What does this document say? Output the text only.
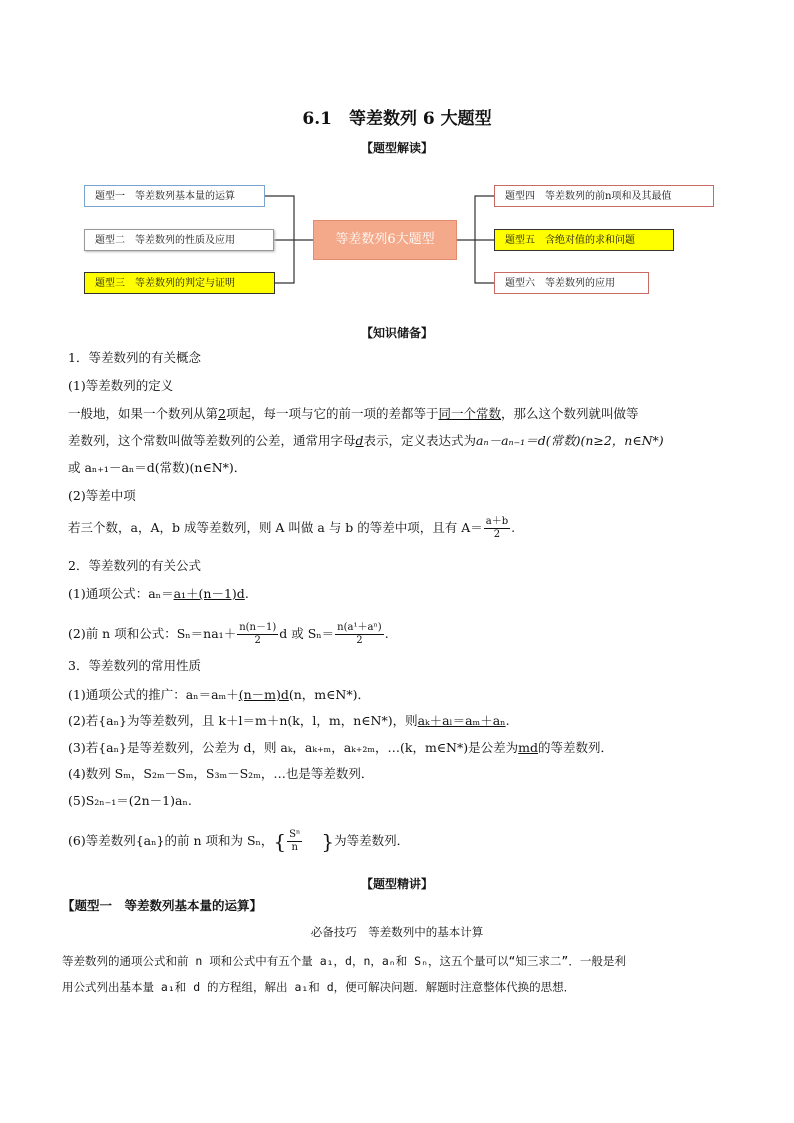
6.1　等差数列 6 大题型
【题型解读】
题型一　等差数列基本量的运算
题型二　等差数列的性质及应用
题型三　等差数列的判定与证明
等差数列6大题型
题型四　等差数列的前n项和及其最值
题型五　含绝对值的求和问题
题型六　等差数列的应用
【知识储备】
1．等差数列的有关概念
(1)等差数列的定义
一般地，如果一个数列从第2项起，每一项与它的前一项的差都等于同一个常数，那么这个数列就叫做等
差数列，这个常数叫做等差数列的公差，通常用字母d表示，定义表达式为aₙ－aₙ₋₁＝d(常数)(n≥2，n∈N*)
或 aₙ₊₁－aₙ＝d(常数)(n∈N*)．
(2)等差中项
若三个数，a，A，b 成等差数列，则 A 叫做 a 与 b 的等差中项，且有 $A= \frac{a+b}{2}$ .
2．等差数列的有关公式
(1)通项公式：aₙ＝a₁＋(n－1)d.
(2)前 n 项和公式：$S_n=na_1+ \frac{n(n-1)}{2}$ d 或 $S_n= \frac{\text{n(a¹＋aⁿ)}}{2}$ .
3．等差数列的常用性质
(1)通项公式的推广：aₙ＝aₘ＋(n－m)d(n，m∈N*)．
(2)若{aₙ}为等差数列，且 k＋l＝m＋n(k，l，m，n∈N*)，则aₖ＋aₗ＝aₘ＋aₙ.
(3)若{aₙ}是等差数列，公差为 d，则 aₖ，aₖ₊ₘ，aₖ₊₂ₘ，…(k，m∈N*)是公差为md的等差数列．
(4)数列 Sₘ，S₂ₘ－Sₘ，S₃ₘ－S₂ₘ，…也是等差数列．
(5)S₂ₙ₋₁＝(2n－1)aₙ.
(6)等差数列{aₙ}的前 n 项和为 Sₙ，{ $\frac{\text{Sⁿ}}{n}$ }为等差数列．
【题型精讲】
【题型一　等差数列基本量的运算】
必备技巧　等差数列中的基本计算
等差数列的通项公式和前 n 项和公式中有五个量 a₁，d，n，aₙ和 Sₙ，这五个量可以“知三求二”．一般是利
用公式列出基本量 a₁和 d 的方程组，解出 a₁和 d，便可解决问题．解题时注意整体代换的思想．
